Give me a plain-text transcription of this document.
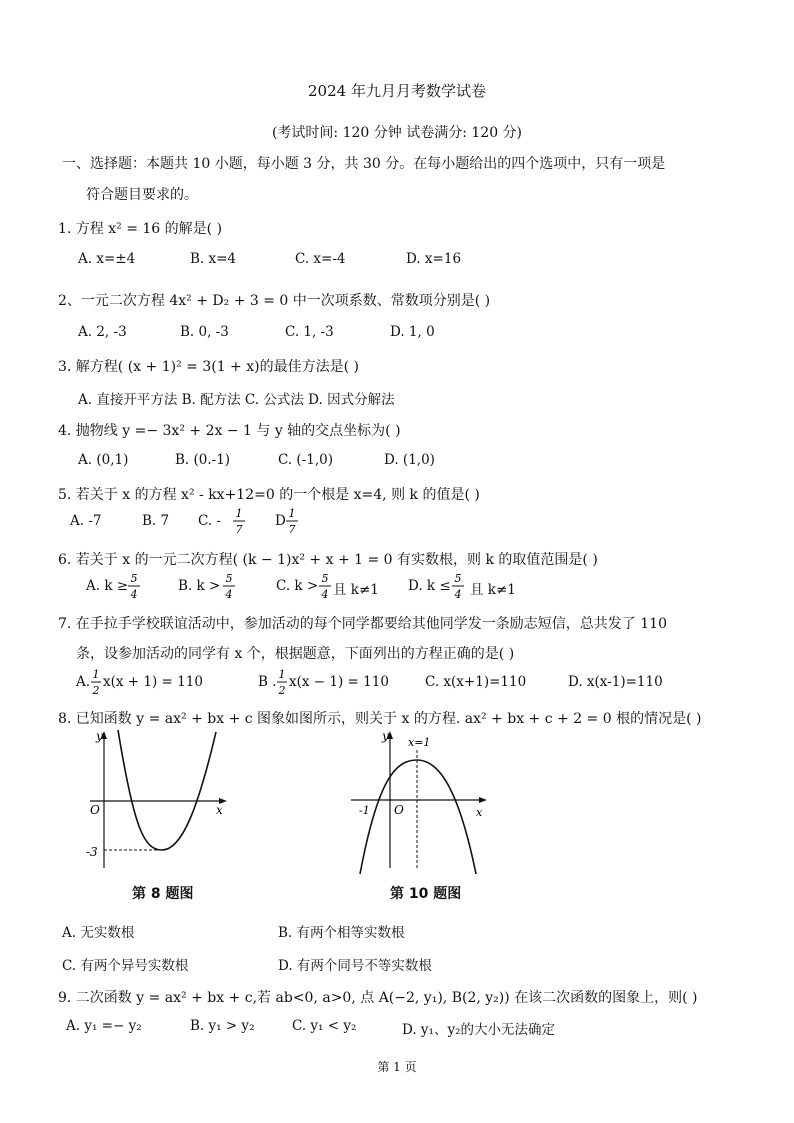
2024 年九月月考数学试卷
(考试时间: 120 分钟 试卷满分: 120 分)
一、选择题：本题共 10 小题，每小题 3 分，共 30 分。在每小题给出的四个选项中，只有一项是
符合题目要求的。
1. 方程 x² = 16 的解是( )
A. x=±4	B. x=4	C. x=-4	D. x=16
2、一元二次方程 4x² + D₂ + 3 = 0 中一次项系数、常数项分别是( )
A. 2, -3	B. 0, -3	C. 1, -3	D. 1, 0
3. 解方程( (x + 1)² = 3(1 + x)的最佳方法是( )
A. 直接开平方法 B. 配方法 C. 公式法 D. 因式分解法
4. 抛物线 y =− 3x² + 2x − 1 与 y 轴的交点坐标为( )
A. (0,1)	B. (0.-1)	C. (-1,0)	D. (1,0)
5. 若关于 x 的方程 x² - kx+12=0 的一个根是 x=4, 则 k 的值是( )
A. -7	B. 7 C. - 1
7
D 1
7
6. 若关于 x 的一元二次方程( (k − 1)x² + x + 1 = 0 有实数根，则 k 的取值范围是( )
A. k ≥ 5
4
B. k > 5
4
C. k > 5
4 且 k≠1 D. k ≤ 5
4 且 k≠1
7. 在手拉手学校联谊活动中，参加活动的每个同学都要给其他同学发一条励志短信，总共发了 110
条，设参加活动的同学有 x 个，根据题意，下面列出的方程正确的是( )
A. 1
2
x(x + 1) = 110	B . 1
2
x(x − 1) = 110	C. x(x+1)=110	D. x(x-1)=110
8. 已知函数 y = ax² + bx + c 图象如图所示，则关于 x 的方程. ax² + bx + c + 2 = 0 根的情况是( )
y
x
O
-3
第 8 题图
y
x
O
-1
x=1
第 10 题图
A. 无实数根	B. 有两个相等实数根
C. 有两个异号实数根	D. 有两个同号不等实数根
9. 二次函数 y = ax² + bx + c,若 ab<0, a>0, 点 A(−2, y₁), B(2, y₂)) 在该二次函数的图象上，则( )
A. y₁ =− y₂	B. y₁ > y₂	C. y₁ < y₂	D. y₁、y₂的大小无法确定
第 1 页
